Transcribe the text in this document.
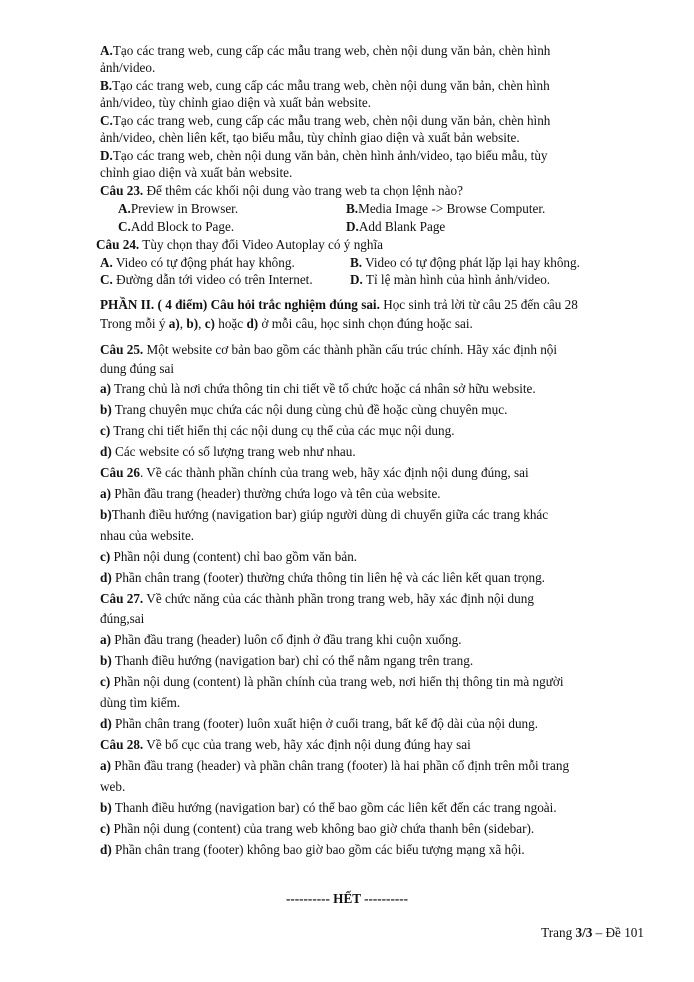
A.Tạo các trang web, cung cấp các mẫu trang web, chèn nội dung văn bản, chèn hình
ảnh/video.
B.Tạo các trang web, cung cấp các mẫu trang web, chèn nội dung văn bản, chèn hình
ảnh/video, tùy chỉnh giao diện và xuất bản website.
C.Tạo các trang web, cung cấp các mẫu trang web, chèn nội dung văn bản, chèn hình
ảnh/video, chèn liên kết, tạo biểu mẫu, tùy chỉnh giao diện và xuất bản website.
D.Tạo các trang web, chèn nội dung văn bản, chèn hình ảnh/video, tạo biểu mẫu, tùy
chỉnh giao diện và xuất bản website.
Câu 23. Để thêm các khối nội dung vào trang web ta chọn lệnh nào?
A.Preview in Browser.	B.Media Image -> Browse Computer.
C.Add Block to Page.	D.Add Blank Page
Câu 24. Tùy chọn thay đổi Video Autoplay có ý nghĩa
A. Video có tự động phát hay không.	B. Video có tự động phát lặp lại hay không.
C. Đường dẫn tới video có trên Internet.	D. Tỉ lệ màn hình của hình ảnh/video.
PHẦN II. ( 4 điểm) Câu hỏi trắc nghiệm đúng sai. Học sinh trả lời từ câu 25 đến câu 28
Trong mỗi ý a), b), c) hoặc d) ở mỗi câu, học sinh chọn đúng hoặc sai.
Câu 25. Một website cơ bản bao gồm các thành phần cấu trúc chính. Hãy xác định nội
dung đúng sai
a) Trang chủ là nơi chứa thông tin chi tiết về tổ chức hoặc cá nhân sở hữu website.
b) Trang chuyên mục chứa các nội dung cùng chủ đề hoặc cùng chuyên mục.
c) Trang chi tiết hiển thị các nội dung cụ thể của các mục nội dung.
d) Các website có số lượng trang web như nhau.
Câu 26. Về các thành phần chính của trang web, hãy xác định nội dung đúng, sai
a) Phần đầu trang (header) thường chứa logo và tên của website.
b)Thanh điều hướng (navigation bar) giúp người dùng di chuyển giữa các trang khác
nhau của website.
c) Phần nội dung (content) chỉ bao gồm văn bản.
d) Phần chân trang (footer) thường chứa thông tin liên hệ và các liên kết quan trọng.
Câu 27. Về chức năng của các thành phần trong trang web, hãy xác định nội dung
đúng,sai
a) Phần đầu trang (header) luôn cố định ở đầu trang khi cuộn xuống.
b) Thanh điều hướng (navigation bar) chỉ có thể nằm ngang trên trang.
c) Phần nội dung (content) là phần chính của trang web, nơi hiển thị thông tin mà người
dùng tìm kiếm.
d) Phần chân trang (footer) luôn xuất hiện ở cuối trang, bất kể độ dài của nội dung.
Câu 28. Về bố cục của trang web, hãy xác định nội dung đúng hay sai
a) Phần đầu trang (header) và phần chân trang (footer) là hai phần cố định trên mỗi trang
web.
b) Thanh điều hướng (navigation bar) có thể bao gồm các liên kết đến các trang ngoài.
c) Phần nội dung (content) của trang web không bao giờ chứa thanh bên (sidebar).
d) Phần chân trang (footer) không bao giờ bao gồm các biểu tượng mạng xã hội.
---------- HẾT ----------
Trang 3/3 – Đề 101
